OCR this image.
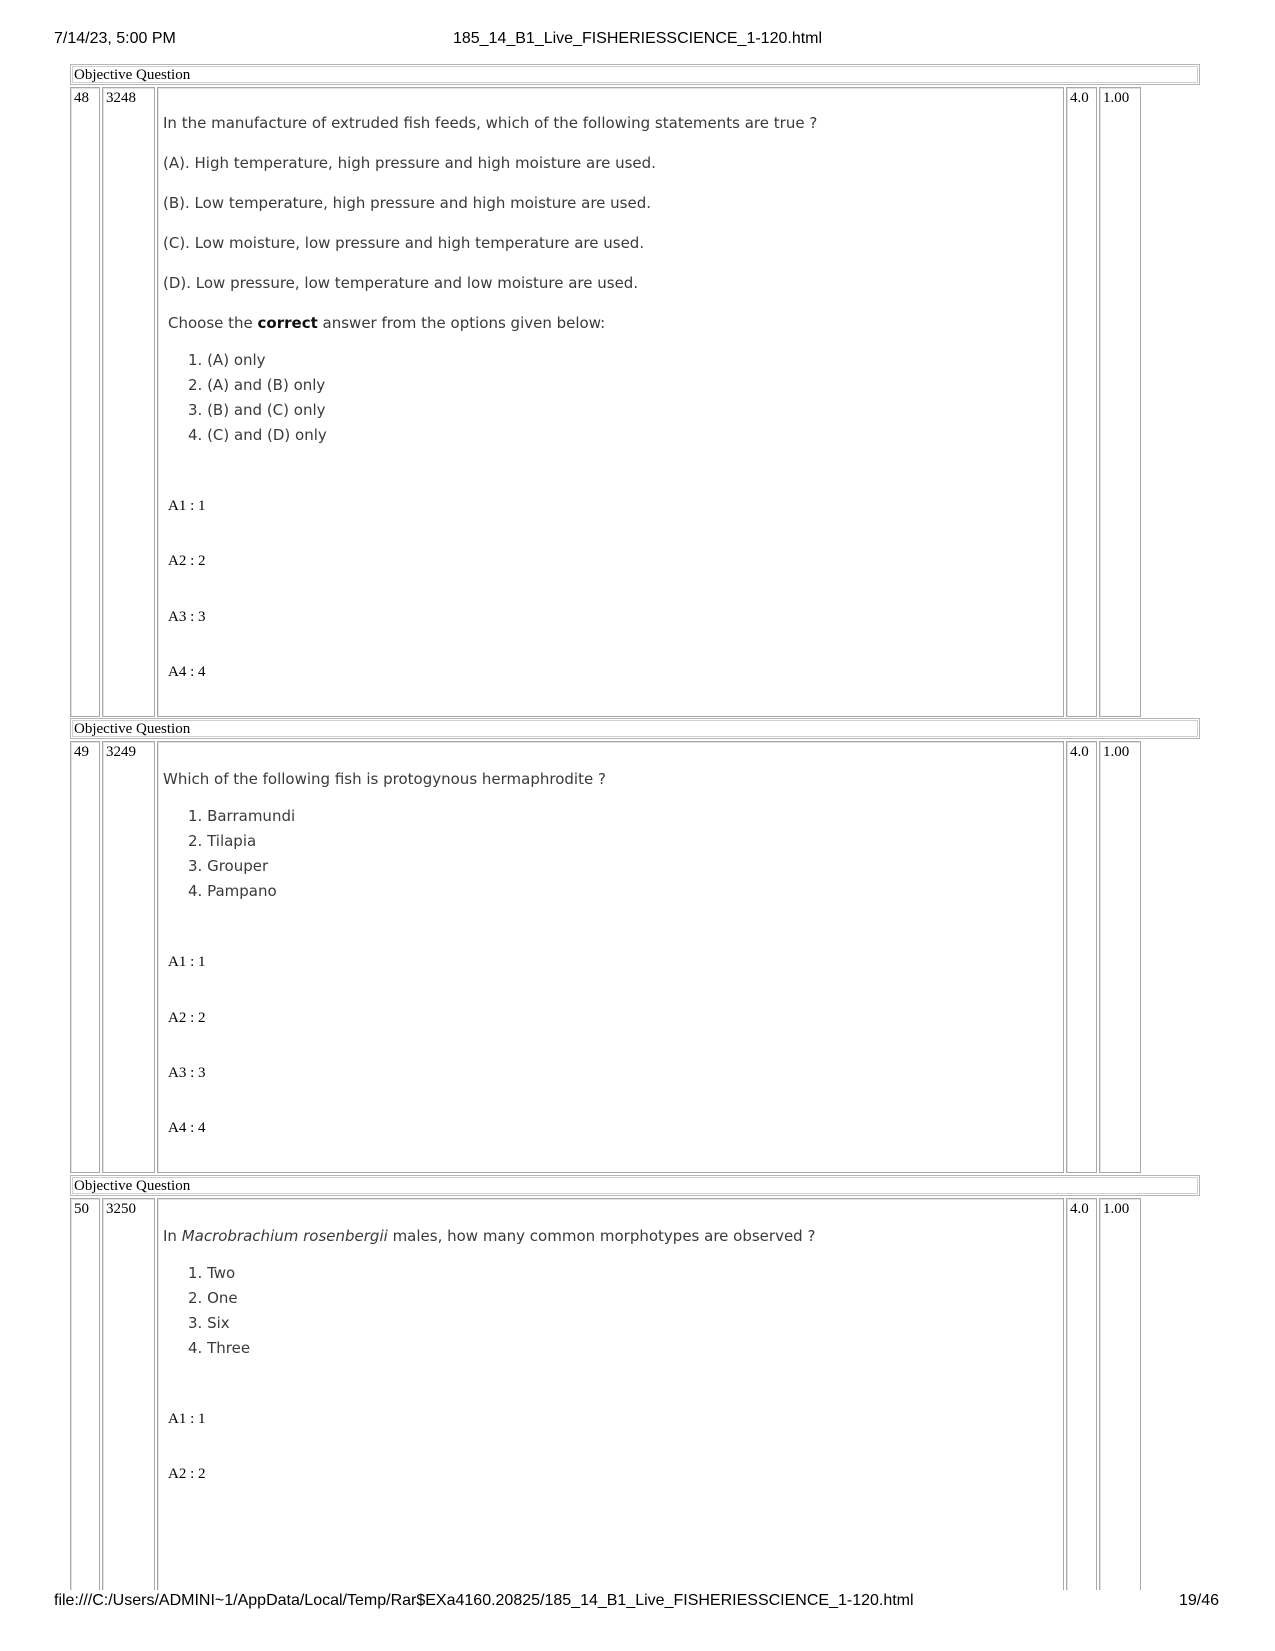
7/14/23, 5:00 PM	185_14_B1_Live_FISHERIESSCIENCE_1-120.html
Objective Question
48	3248
In the manufacture of extruded fish feeds, which of the following statements are true ?
(A). High temperature, high pressure and high moisture are used.
(B). Low temperature, high pressure and high moisture are used.
(C). Low moisture, low pressure and high temperature are used.
(D). Low pressure, low temperature and low moisture are used.
Choose the correct answer from the options given below:
1. (A) only
2. (A) and (B) only
3. (B) and (C) only
4. (C) and (D) only
A1 : 1
A2 : 2
A3 : 3
A4 : 4
4.0 1.00
Objective Question
49	3249
Which of the following fish is protogynous hermaphrodite ?
1. Barramundi
2. Tilapia
3. Grouper
4. Pampano
A1 : 1
A2 : 2
A3 : 3
A4 : 4
4.0 1.00
Objective Question
50	3250
In Macrobrachium rosenbergii males, how many common morphotypes are observed ?
1. Two
2. One
3. Six
4. Three
A1 : 1
A2 : 2
4.0 1.00
file:///C:/Users/ADMINI~1/AppData/Local/Temp/Rar$EXa4160.20825/185_14_B1_Live_FISHERIESSCIENCE_1-120.html	19/46
